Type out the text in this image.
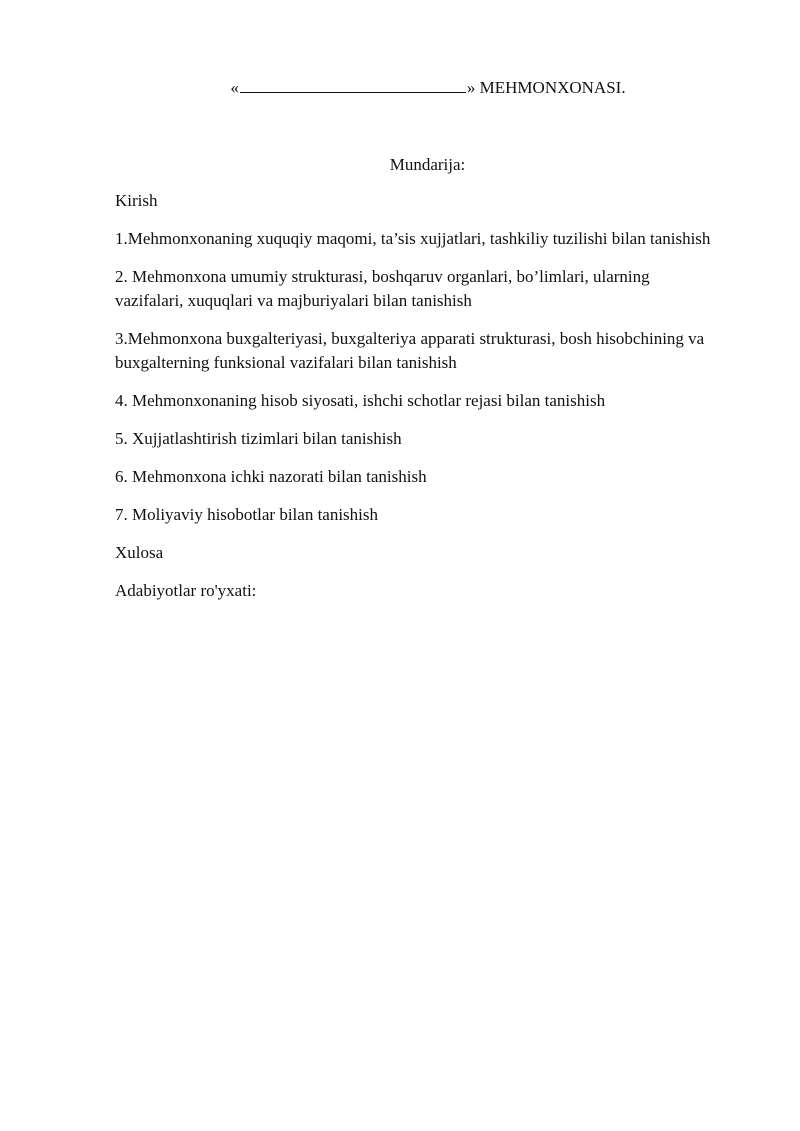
«	» MEHMONXONASI.
Mundarija:

Kirish

1.Mehmonxonaning xuquqiy maqomi, ta’sis xujjatlari, tashkiliy tuzilishi bilan tanishish

2. Mehmonxona umumiy strukturasi, boshqaruv organlari, bo’limlari, ularning vazifalari, xuquqlari va majburiyalari bilan tanishish

3.Mehmonxona buxgalteriyasi, buxgalteriya apparati strukturasi, bosh hisobchining va buxgalterning funksional vazifalari bilan tanishish

4. Mehmonxonaning hisob siyosati, ishchi schotlar rejasi bilan tanishish

5. Xujjatlashtirish tizimlari bilan tanishish

6. Mehmonxona ichki nazorati bilan tanishish

7. Moliyaviy hisobotlar bilan tanishish

Xulosa

Adabiyotlar ro'yxati:
